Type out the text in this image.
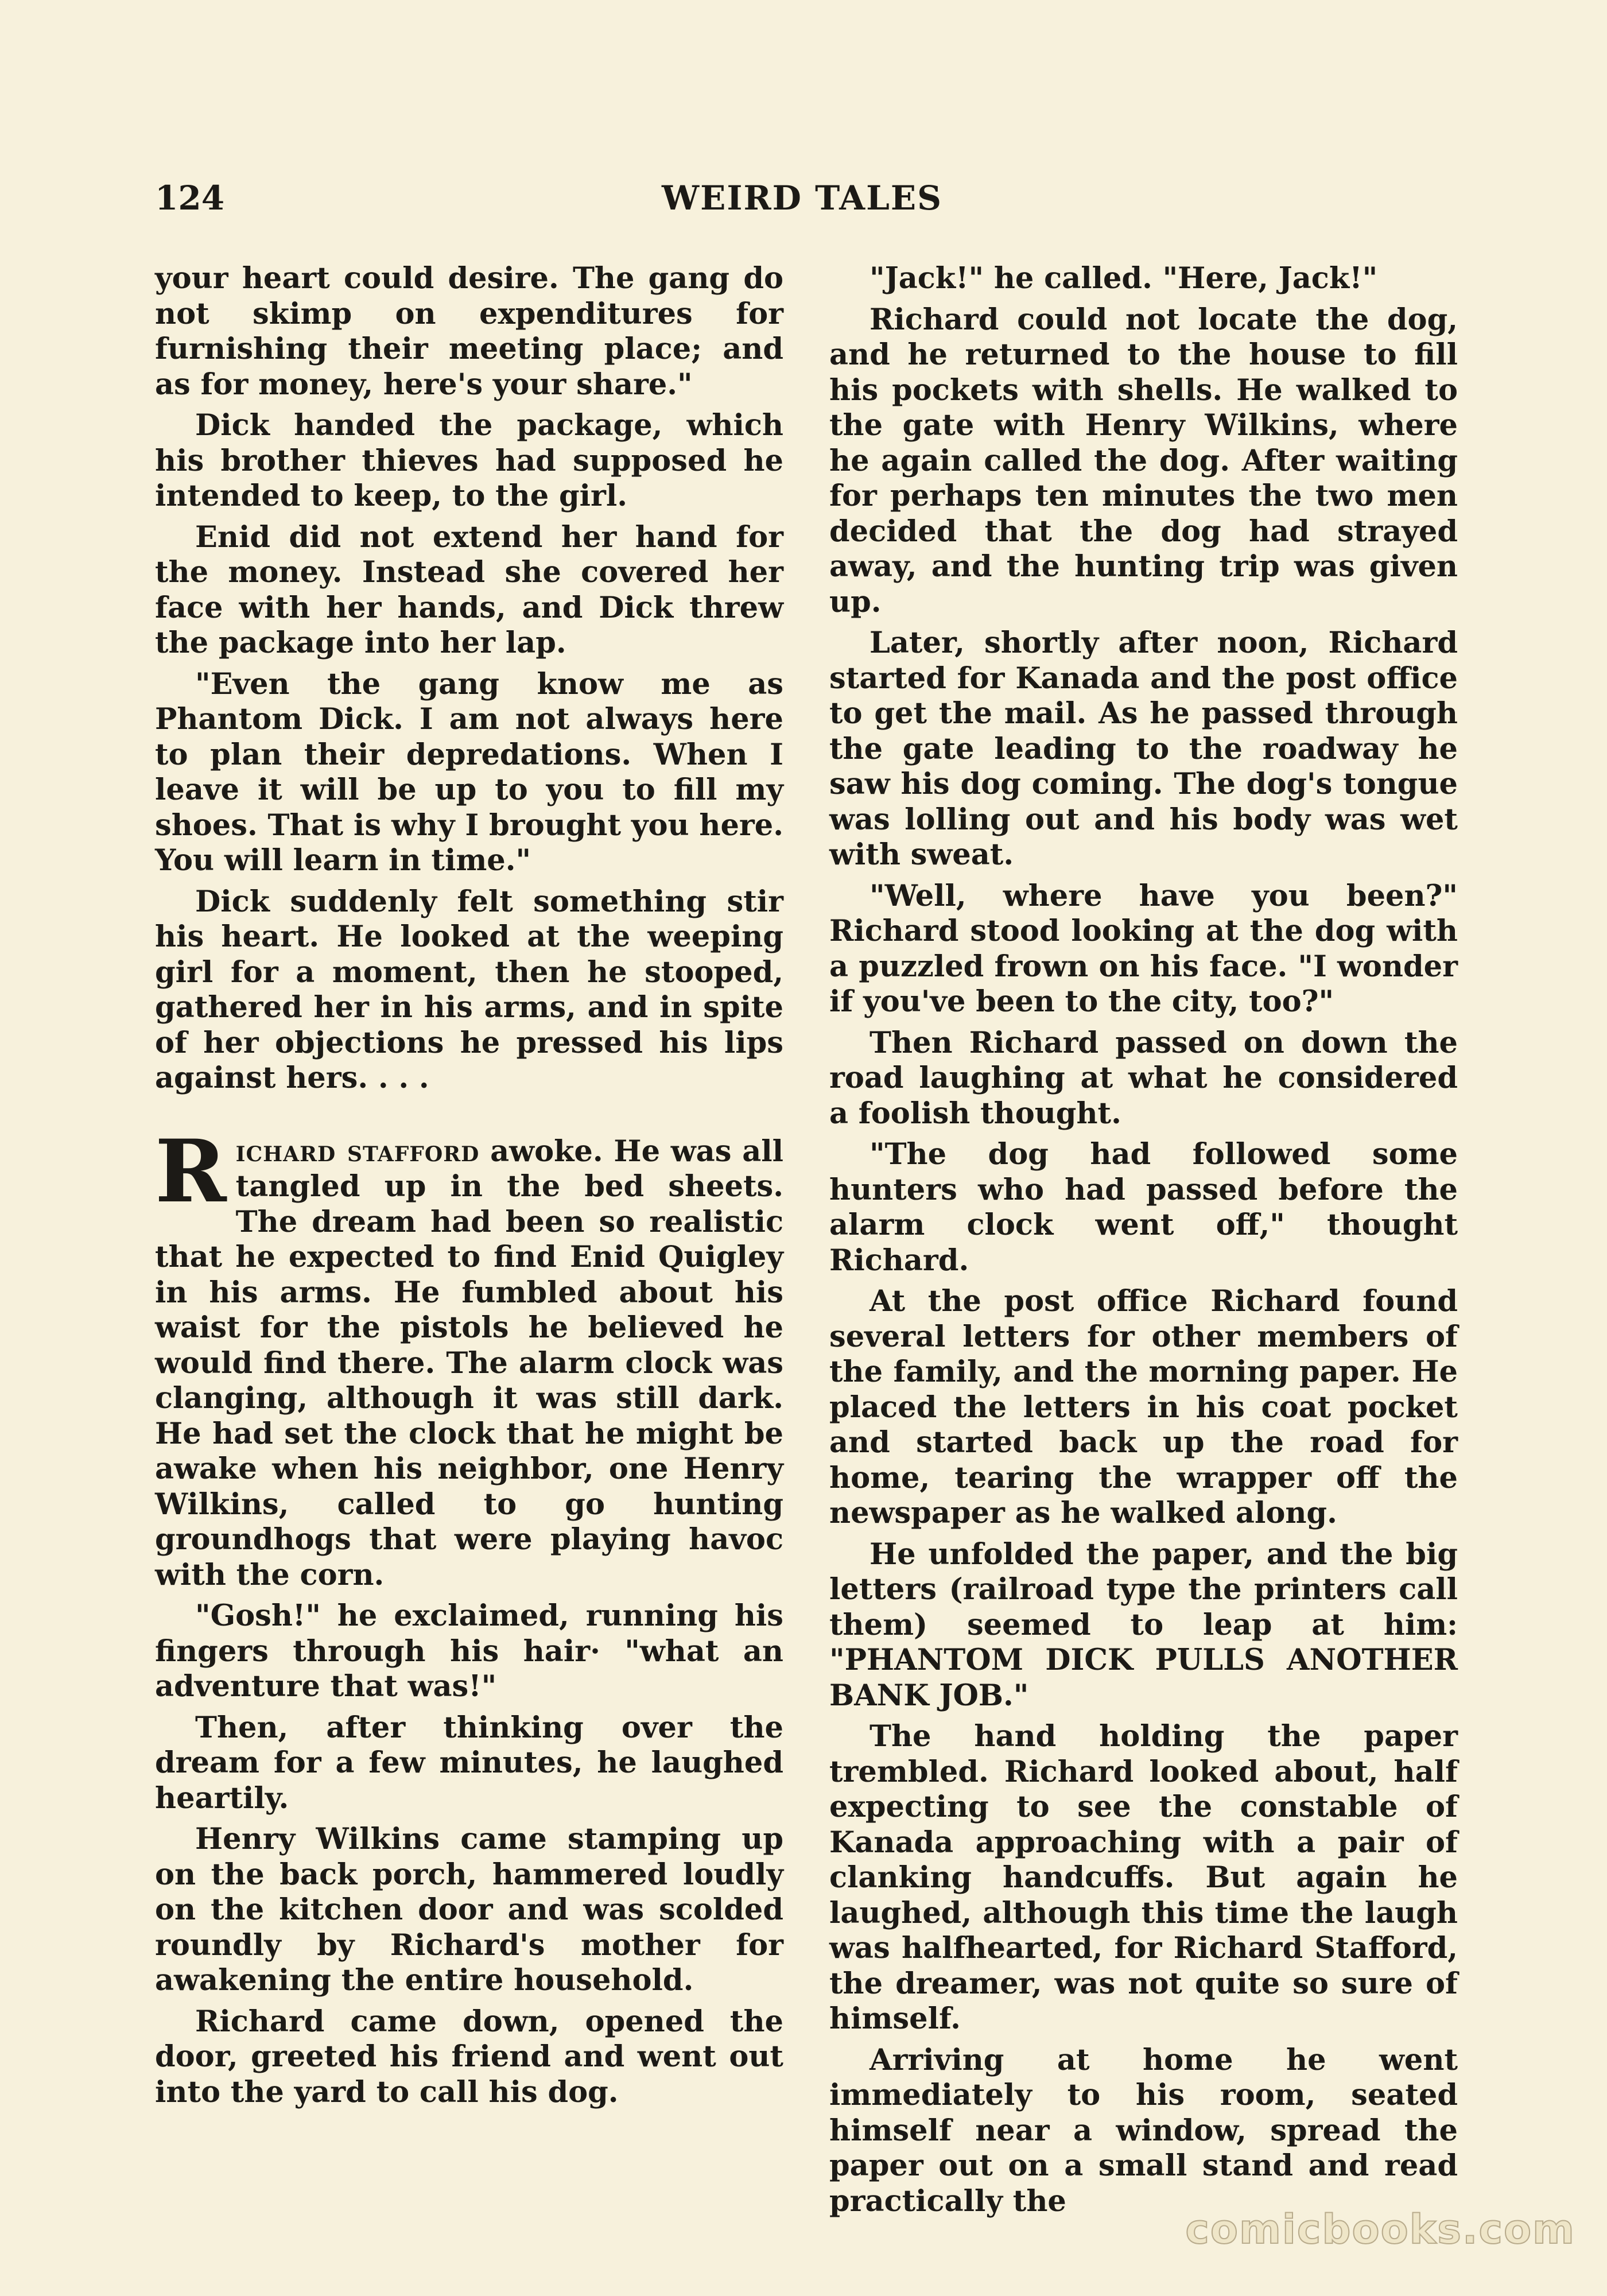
124	WEIRD TALES

your heart could desire. The gang do not skimp on expenditures for furnishing their meeting place; and as for money, here's your share."

Dick handed the package, which his brother thieves had supposed he intended to keep, to the girl.

Enid did not extend her hand for the money. Instead she covered her face with her hands, and Dick threw the package into her lap.

"Even the gang know me as Phantom Dick. I am not always here to plan their depredations. When I leave it will be up to you to fill my shoes. That is why I brought you here. You will learn in time."

Dick suddenly felt something stir his heart. He looked at the weeping girl for a moment, then he stooped, gathered her in his arms, and in spite of her objections he pressed his lips against hers. . . .

Richard stafford awoke. He was all tangled up in the bed sheets. The dream had been so realistic that he expected to find Enid Quigley in his arms. He fumbled about his waist for the pistols he believed he would find there. The alarm clock was clanging, although it was still dark. He had set the clock that he might be awake when his neighbor, one Henry Wilkins, called to go hunting groundhogs that were playing havoc with the corn.

"Gosh!" he exclaimed, running his fingers through his hair· "what an adventure that was!"

Then, after thinking over the dream for a few minutes, he laughed heartily.

Henry Wilkins came stamping up on the back porch, hammered loudly on the kitchen door and was scolded roundly by Richard's mother for awakening the entire household.

Richard came down, opened the door, greeted his friend and went out into the yard to call his dog.

"Jack!" he called. "Here, Jack!"

Richard could not locate the dog, and he returned to the house to fill his pockets with shells. He walked to the gate with Henry Wilkins, where he again called the dog. After waiting for perhaps ten minutes the two men decided that the dog had strayed away, and the hunting trip was given up.

Later, shortly after noon, Richard started for Kanada and the post office to get the mail. As he passed through the gate leading to the roadway he saw his dog coming. The dog's tongue was lolling out and his body was wet with sweat.

"Well, where have you been?" Richard stood looking at the dog with a puzzled frown on his face. "I wonder if you've been to the city, too?"

Then Richard passed on down the road laughing at what he considered a foolish thought.

"The dog had followed some hunters who had passed before the alarm clock went off," thought Richard.

At the post office Richard found several letters for other members of the family, and the morning paper. He placed the letters in his coat pocket and started back up the road for home, tearing the wrapper off the newspaper as he walked along.

He unfolded the paper, and the big letters (railroad type the printers call them) seemed to leap at him: "PHANTOM DICK PULLS ANOTHER BANK JOB."

The hand holding the paper trembled. Richard looked about, half expecting to see the constable of Kanada approaching with a pair of clanking handcuffs. But again he laughed, although this time the laugh was halfhearted, for Richard Stafford, the dreamer, was not quite so sure of himself.

Arriving at home he went immediately to his room, seated himself near a window, spread the paper out on a small stand and read practically the

comicbooks.com
